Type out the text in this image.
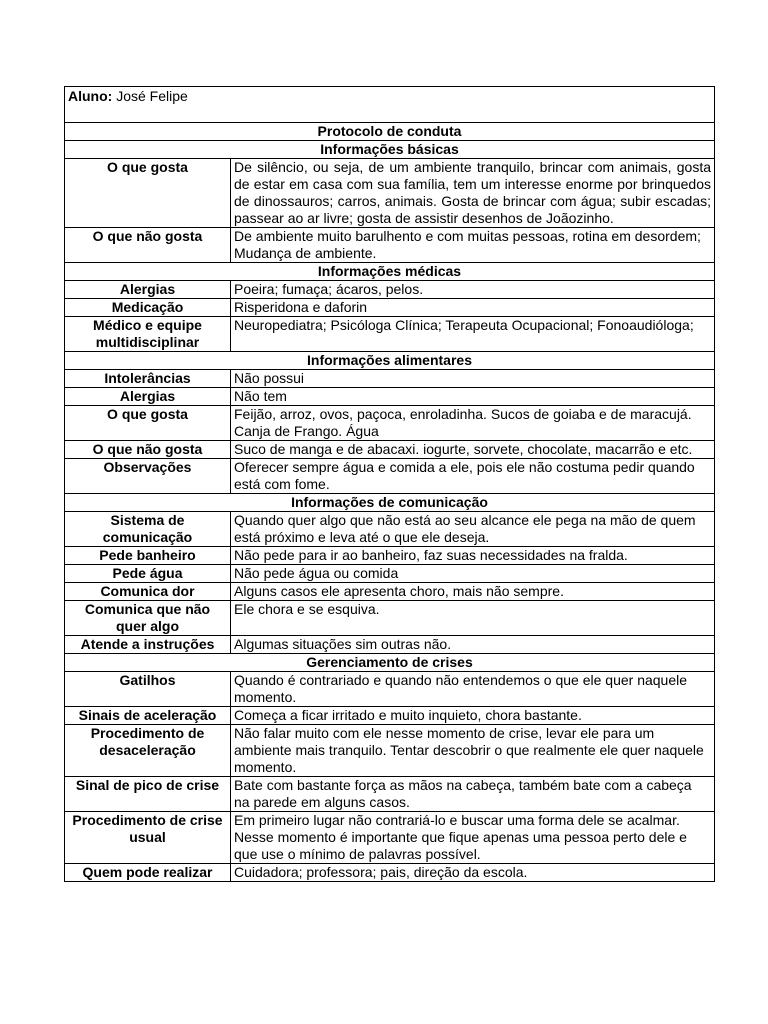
Aluno: José Felipe	
Protocolo de conduta	
Informações básicas	
O que gosta	De silêncio, ou seja, de um ambiente tranquilo, brincar com animais, gosta de estar em casa com sua família, tem um interesse enorme por brinquedos de dinossauros; carros, animais. Gosta de brincar com água; subir escadas; passear ao ar livre; gosta de assistir desenhos de Joãozinho.
O que não gosta	De ambiente muito barulhento e com muitas pessoas, rotina em desordem; Mudança de ambiente.
Informações médicas	
Alergias	Poeira; fumaça; ácaros, pelos.
Medicação	Risperidona e daforin
Médico e equipe multidisciplinar	Neuropediatra; Psicóloga Clínica; Terapeuta Ocupacional; Fonoaudióloga;
Informações alimentares	
Intolerâncias	Não possui
Alergias	Não tem
O que gosta	Feijão, arroz, ovos, paçoca, enroladinha. Sucos de goiaba e de maracujá. Canja de Frango. Água
O que não gosta	Suco de manga e de abacaxi. iogurte, sorvete, chocolate, macarrão e etc.
Observações	Oferecer sempre água e comida a ele, pois ele não costuma pedir quando está com fome.
Informações de comunicação	
Sistema de comunicação	Quando quer algo que não está ao seu alcance ele pega na mão de quem está próximo e leva até o que ele deseja.
Pede banheiro	Não pede para ir ao banheiro, faz suas necessidades na fralda.
Pede água	Não pede água ou comida
Comunica dor	Alguns casos ele apresenta choro, mais não sempre.
Comunica que não quer algo	Ele chora e se esquiva.
Atende a instruções	Algumas situações sim outras não.
Gerenciamento de crises	
Gatilhos	Quando é contrariado e quando não entendemos o que ele quer naquele momento.
Sinais de aceleração	Começa a ficar irritado e muito inquieto, chora bastante.
Procedimento de desaceleração	Não falar muito com ele nesse momento de crise, levar ele para um ambiente mais tranquilo. Tentar descobrir o que realmente ele quer naquele momento.
Sinal de pico de crise	Bate com bastante força as mãos na cabeça, também bate com a cabeça na parede em alguns casos.
Procedimento de crise usual	Em primeiro lugar não contrariá-lo e buscar uma forma dele se acalmar. Nesse momento é importante que fique apenas uma pessoa perto dele e que use o mínimo de palavras possível.
Quem pode realizar	Cuidadora; professora; pais, direção da escola.
